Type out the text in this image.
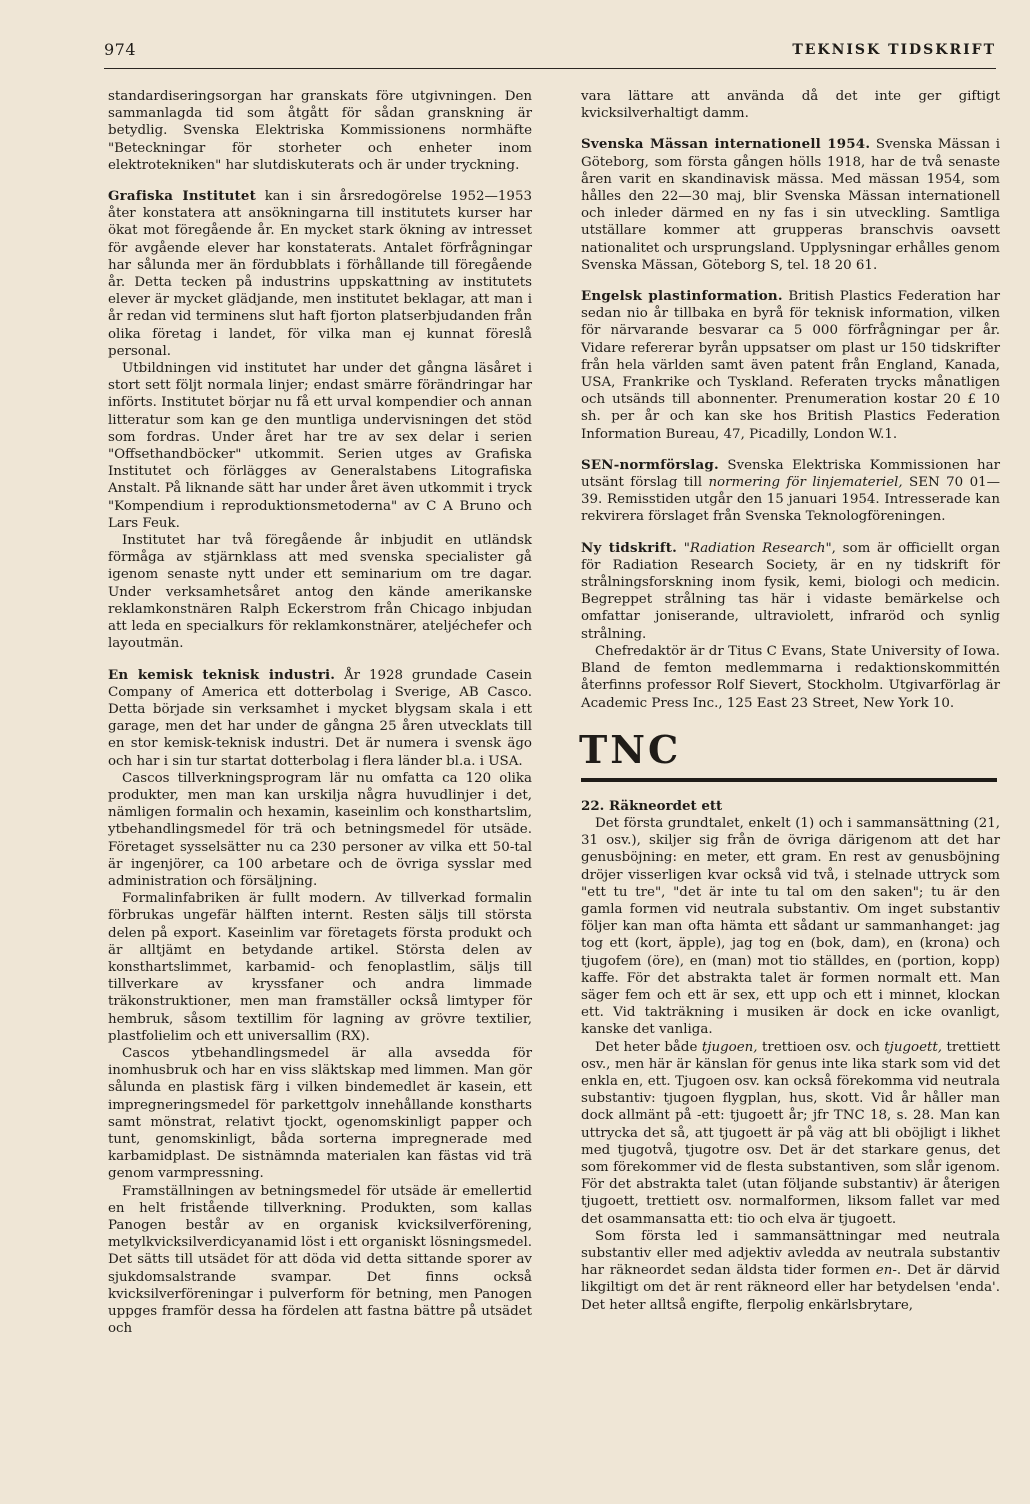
974	TEKNISK TIDSKRIFT

standardiseringsorgan har granskats före utgivningen. Den sammanlagda tid som åtgått för sådan granskning är betydlig. Svenska Elektriska Kommissionens normhäfte "Beteckningar för storheter och enheter inom elektrotekniken" har slutdiskuterats och är under tryckning.

Grafiska Institutet kan i sin årsredogörelse 1952—1953 åter konstatera att ansökningarna till institutets kurser har ökat mot föregående år. En mycket stark ökning av intresset för avgående elever har konstaterats. Antalet förfrågningar har sålunda mer än fördubblats i förhållande till föregående år. Detta tecken på industrins uppskattning av institutets elever är mycket glädjande, men institutet beklagar, att man i år redan vid terminens slut haft fjorton platserbjudanden från olika företag i landet, för vilka man ej kunnat föreslå personal.

Utbildningen vid institutet har under det gångna läsåret i stort sett följt normala linjer; endast smärre förändringar har införts. Institutet börjar nu få ett urval kompendier och annan litteratur som kan ge den muntliga undervisningen det stöd som fordras. Under året har tre av sex delar i serien "Offsethandböcker" utkommit. Serien utges av Grafiska Institutet och förlägges av Generalstabens Litografiska Anstalt. På liknande sätt har under året även utkommit i tryck "Kompendium i reproduktionsmetoderna" av C A Bruno och Lars Feuk.

Institutet har två föregående år inbjudit en utländsk förmåga av stjärnklass att med svenska specialister gå igenom senaste nytt under ett seminarium om tre dagar. Under verksamhetsåret antog den kände amerikanske reklamkonstnären Ralph Eckerstrom från Chicago inbjudan att leda en specialkurs för reklamkonstnärer, ateljéchefer och layoutmän.

En kemisk teknisk industri. År 1928 grundade Casein Company of America ett dotterbolag i Sverige, AB Casco. Detta började sin verksamhet i mycket blygsam skala i ett garage, men det har under de gångna 25 åren utvecklats till en stor kemisk-teknisk industri. Det är numera i svensk ägo och har i sin tur startat dotterbolag i flera länder bl.a. i USA.

Cascos tillverkningsprogram lär nu omfatta ca 120 olika produkter, men man kan urskilja några huvudlinjer i det, nämligen formalin och hexamin, kaseinlim och konsthartslim, ytbehandlingsmedel för trä och betningsmedel för utsäde. Företaget sysselsätter nu ca 230 personer av vilka ett 50-tal är ingenjörer, ca 100 arbetare och de övriga sysslar med administration och försäljning.

Formalinfabriken är fullt modern. Av tillverkad formalin förbrukas ungefär hälften internt. Resten säljs till största delen på export. Kaseinlim var företagets första produkt och är alltjämt en betydande artikel. Största delen av konsthartslimmet, karbamid- och fenoplastlim, säljs till tillverkare av kryssfaner och andra limmade träkonstruktioner, men man framställer också limtyper för hembruk, såsom textillim för lagning av grövre textilier, plastfolielim och ett universallim (RX).

Cascos ytbehandlingsmedel är alla avsedda för inomhusbruk och har en viss släktskap med limmen. Man gör sålunda en plastisk färg i vilken bindemedlet är kasein, ett impregneringsmedel för parkettgolv innehållande konstharts samt mönstrat, relativt tjockt, ogenomskinligt papper och tunt, genomskinligt, båda sorterna impregnerade med karbamidplast. De sistnämnda materialen kan fästas vid trä genom varmpressning.

Framställningen av betningsmedel för utsäde är emellertid en helt fristående tillverkning. Produkten, som kallas Panogen består av en organisk kvicksilverförening, metylkvicksilverdicyanamid löst i ett organiskt lösningsmedel. Det sätts till utsädet för att döda vid detta sittande sporer av sjukdomsalstrande svampar. Det finns också kvicksilverföreningar i pulverform för betning, men Panogen uppges framför dessa ha fördelen att fastna bättre på utsädet och

vara lättare att använda då det inte ger giftigt kvicksilverhaltigt damm.

Svenska Mässan internationell 1954. Svenska Mässan i Göteborg, som första gången hölls 1918, har de två senaste åren varit en skandinavisk mässa. Med mässan 1954, som hålles den 22—30 maj, blir Svenska Mässan internationell och inleder därmed en ny fas i sin utveckling. Samtliga utställare kommer att grupperas branschvis oavsett nationalitet och ursprungsland. Upplysningar erhålles genom Svenska Mässan, Göteborg S, tel. 18 20 61.

Engelsk plastinformation. British Plastics Federation har sedan nio år tillbaka en byrå för teknisk information, vilken för närvarande besvarar ca 5 000 förfrågningar per år. Vidare refererar byrån uppsatser om plast ur 150 tidskrifter från hela världen samt även patent från England, Kanada, USA, Frankrike och Tyskland. Referaten trycks månatligen och utsänds till abonnenter. Prenumeration kostar 20 £ 10 sh. per år och kan ske hos British Plastics Federation Information Bureau, 47, Picadilly, London W.1.

SEN-normförslag. Svenska Elektriska Kommissionen har utsänt förslag till normering för linjemateriel, SEN 70 01—39. Remisstiden utgår den 15 januari 1954. Intresserade kan rekvirera förslaget från Svenska Teknologföreningen.

Ny tidskrift. "Radiation Research", som är officiellt organ för Radiation Research Society, är en ny tidskrift för strålningsforskning inom fysik, kemi, biologi och medicin. Begreppet strålning tas här i vidaste bemärkelse och omfattar joniserande, ultraviolett, infraröd och synlig strålning.

Chefredaktör är dr Titus C Evans, State University of Iowa. Bland de femton medlemmarna i redaktionskommittén återfinns professor Rolf Sievert, Stockholm. Utgivarförlag är Academic Press Inc., 125 East 23 Street, New York 10.

TNC

22. Räkneordet ett

Det första grundtalet, enkelt (1) och i sammansättning (21, 31 osv.), skiljer sig från de övriga därigenom att det har genusböjning: en meter, ett gram. En rest av genusböjning dröjer visserligen kvar också vid två, i stelnade uttryck som "ett tu tre", "det är inte tu tal om den saken"; tu är den gamla formen vid neutrala substantiv. Om inget substantiv följer kan man ofta hämta ett sådant ur sammanhanget: jag tog ett (kort, äpple), jag tog en (bok, dam), en (krona) och tjugofem (öre), en (man) mot tio ställdes, en (portion, kopp) kaffe. För det abstrakta talet är formen normalt ett. Man säger fem och ett är sex, ett upp och ett i minnet, klockan ett. Vid takträkning i musiken är dock en icke ovanligt, kanske det vanliga.

Det heter både tjugoen, trettioen osv. och tjugoett, trettiett osv., men här är känslan för genus inte lika stark som vid det enkla en, ett. Tjugoen osv. kan också förekomma vid neutrala substantiv: tjugoen flygplan, hus, skott. Vid år håller man dock allmänt på -ett: tjugoett år; jfr TNC 18, s. 28. Man kan uttrycka det så, att tjugoett är på väg att bli oböjligt i likhet med tjugotvå, tjugotre osv. Det är det starkare genus, det som förekommer vid de flesta substantiven, som slår igenom. För det abstrakta talet (utan följande substantiv) är återigen tjugoett, trettiett osv. normalformen, liksom fallet var med det osammansatta ett: tio och elva är tjugoett.

Som första led i sammansättningar med neutrala substantiv eller med adjektiv avledda av neutrala substantiv har räkneordet sedan äldsta tider formen en-. Det är därvid likgiltigt om det är rent räkneord eller har betydelsen 'enda'. Det heter alltså engifte, flerpolig enkärlsbrytare,
